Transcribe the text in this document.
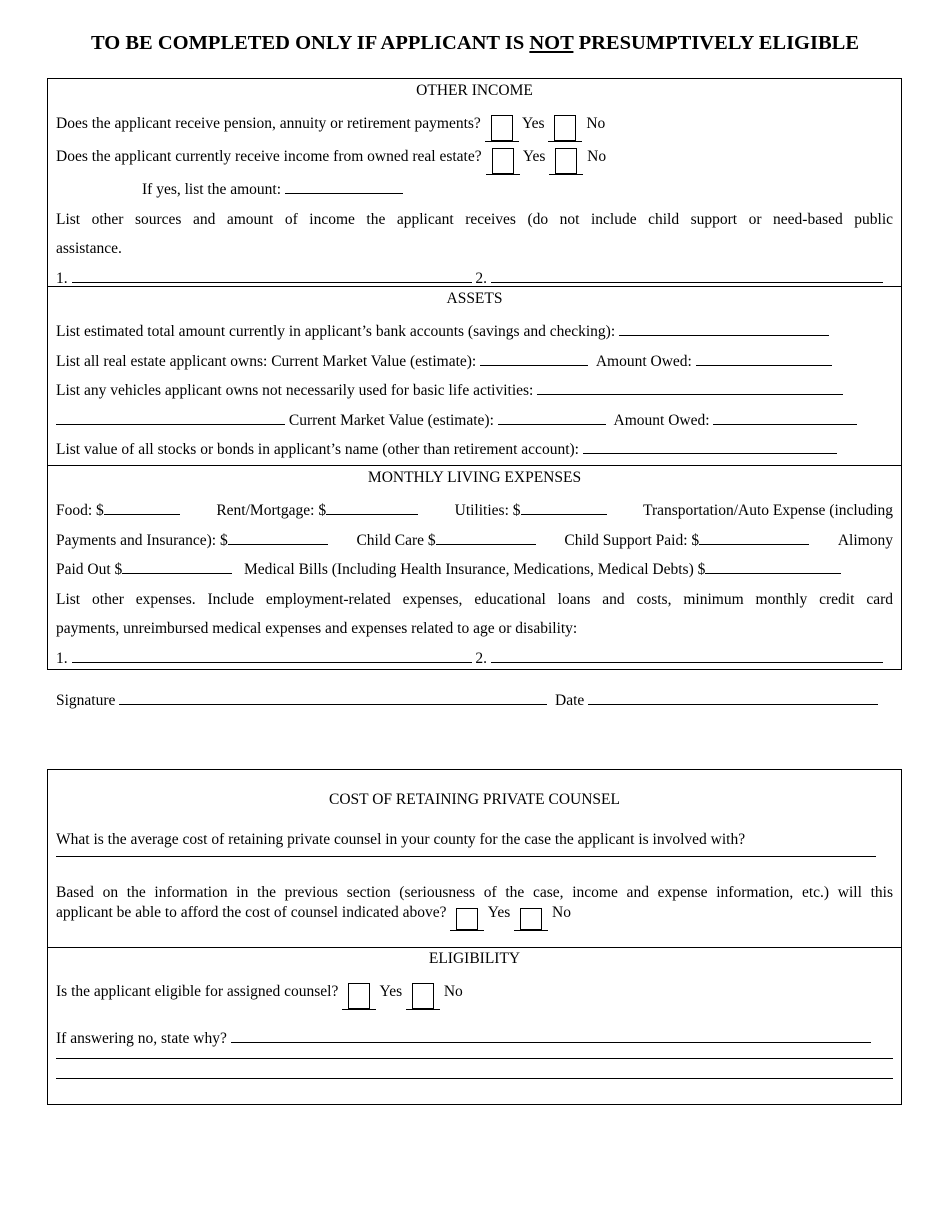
TO BE COMPLETED ONLY IF APPLICANT IS NOT PRESUMPTIVELY ELIGIBLE
OTHER INCOME
Does the applicant receive pension, annuity or retirement payments?	Yes	No
Does the applicant currently receive income from owned real estate?	Yes	No
If yes, list the amount:
List other sources and amount of income the applicant receives (do not include child support or need-based public
assistance.
1.	2.
ASSETS
List estimated total amount currently in applicant’s bank accounts (savings and checking):
List all real estate applicant owns: Current Market Value (estimate):	Amount Owed:
List any vehicles applicant owns not necessarily used for basic life activities:
Current Market Value (estimate):	Amount Owed:
List value of all stocks or bonds in applicant’s name (other than retirement account):
MONTHLY LIVING EXPENSES
Food: $	Rent/Mortgage: $	Utilities: $	Transportation/Auto Expense (including
Payments and Insurance): $	Child Care $	Child Support Paid: $	Alimony
Paid Out $	Medical Bills (Including Health Insurance, Medications, Medical Debts) $
List other expenses. Include employment-related expenses, educational loans and costs, minimum monthly credit card
payments, unreimbursed medical expenses and expenses related to age or disability:
1.	2.
Signature	Date
COST OF RETAINING PRIVATE COUNSEL
What is the average cost of retaining private counsel in your county for the case the applicant is involved with?
Based on the information in the previous section (seriousness of the case, income and expense information, etc.) will this
applicant be able to afford the cost of counsel indicated above?	Yes	No
ELIGIBILITY
Is the applicant eligible for assigned counsel?	Yes	No
If answering no, state why?
